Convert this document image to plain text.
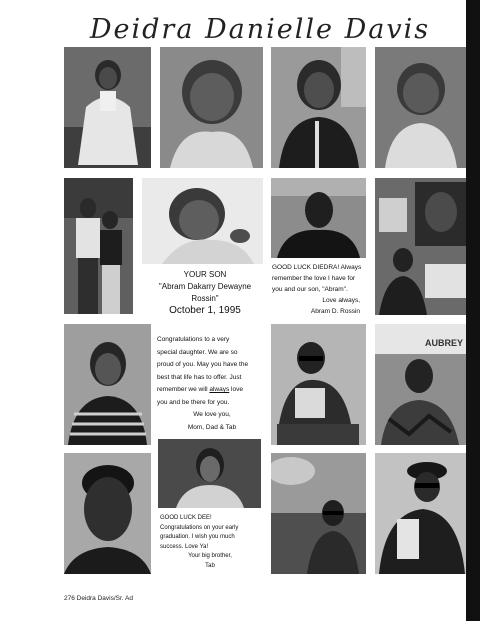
Deidra Danielle Davis
YOUR SON
"Abram Dakarry Dewayne Rossin"
October 1, 1995
GOOD LUCK DIEDRA! Always
remember the love I have for
you and our son, "Abram".
Love always,
Abram D. Rossin
Congratulations to a very
special daughter. We are so
proud of you. May you have the
best that life has to offer. Just
remember we will always love
you and be there for you.
We love you,
Mom, Dad & Tab
AUBREY
GOOD LUCK DEE!
Congratulations on your early
graduation. I wish you much
success. Love Ya!
Your big brother,
Tab
276 Deidra Davis/Sr. Ad
